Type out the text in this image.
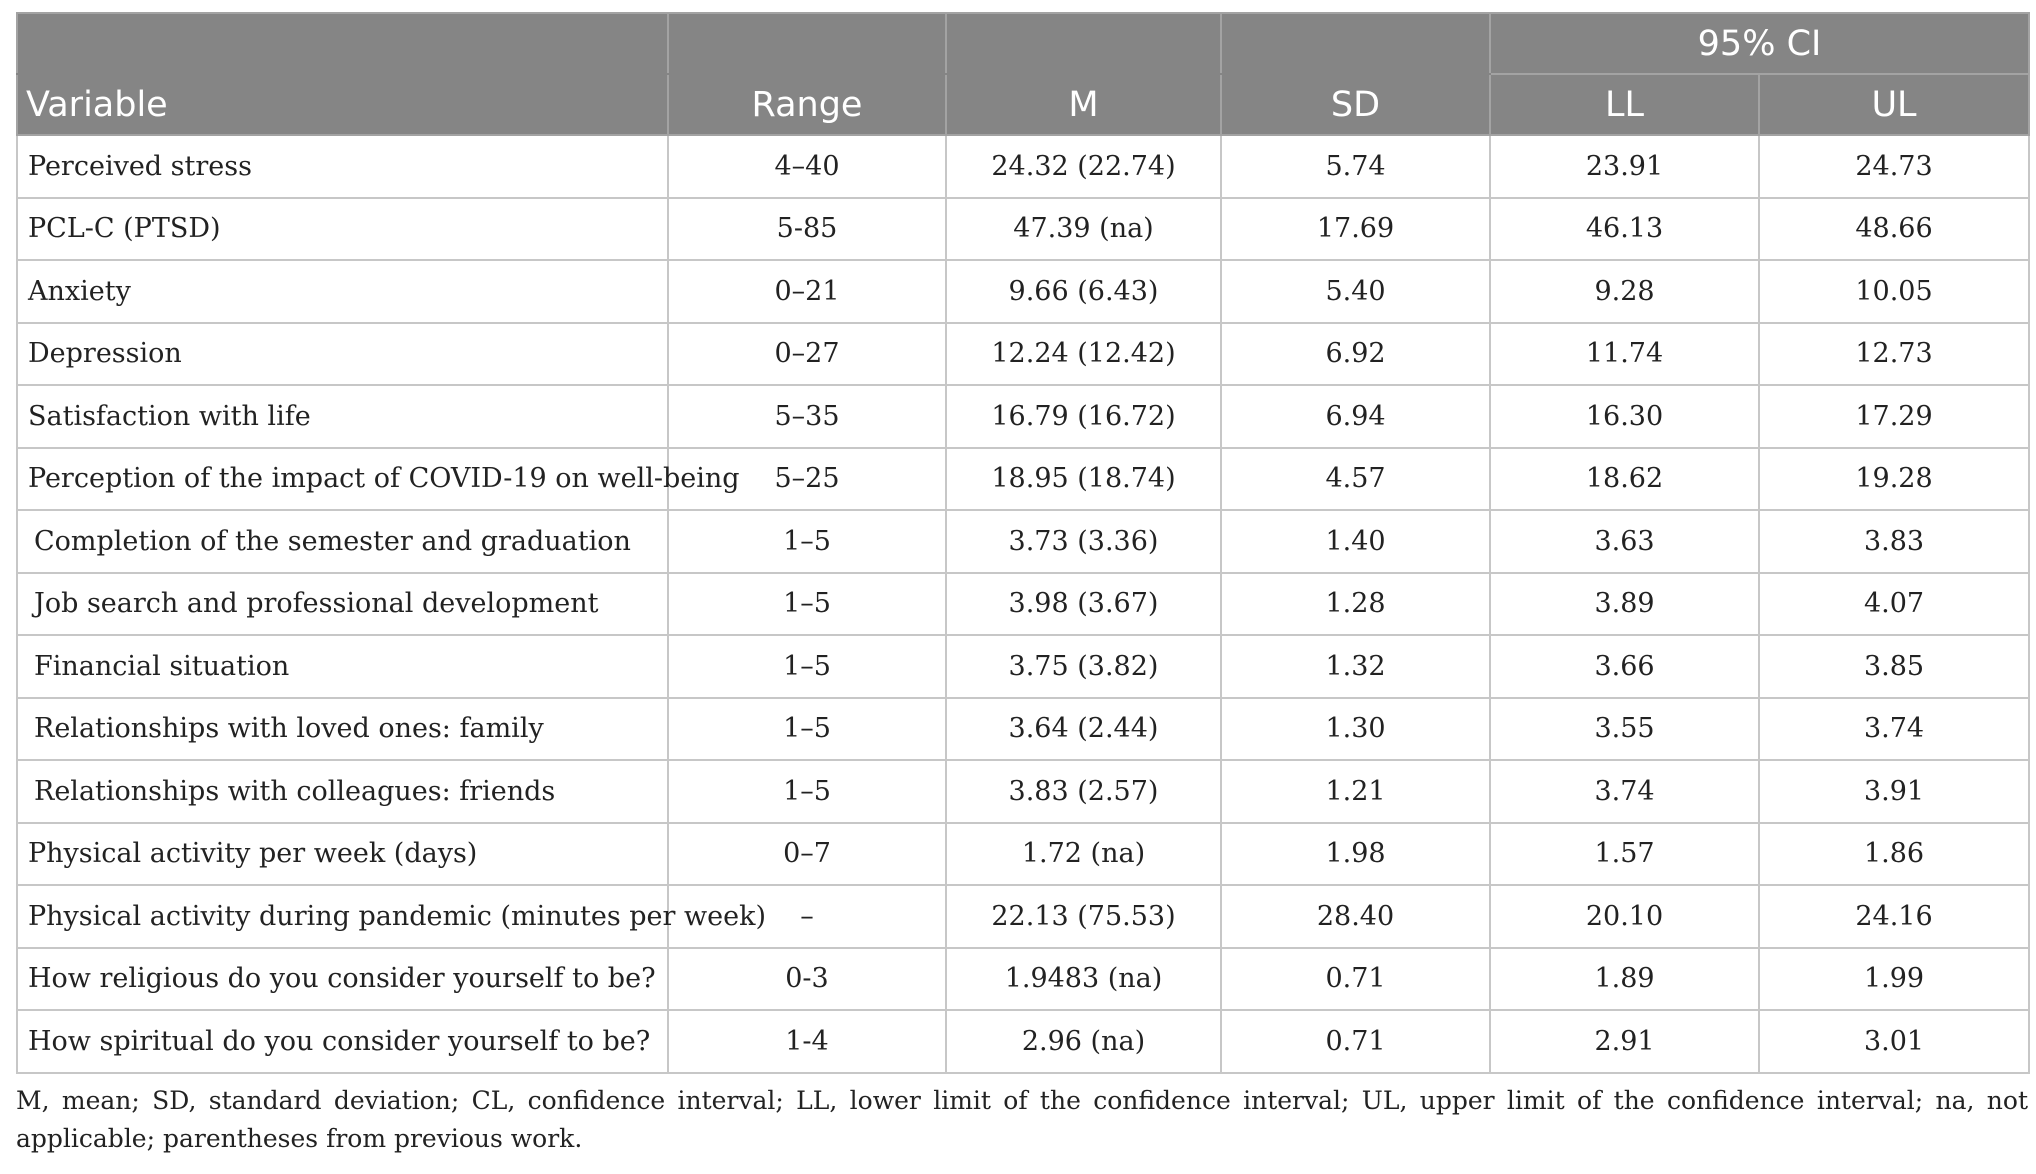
				95% CI	
Variable	Range	M	SD	LL	UL
Perceived stress	4–40	24.32 (22.74)	5.74	23.91	24.73
PCL-C (PTSD)	5-85	47.39 (na)	17.69	46.13	48.66
Anxiety	0–21	9.66 (6.43)	5.40	9.28	10.05
Depression	0–27	12.24 (12.42)	6.92	11.74	12.73
Satisfaction with life	5–35	16.79 (16.72)	6.94	16.30	17.29
Perception of the impact of COVID-19 on well-being	5–25	18.95 (18.74)	4.57	18.62	19.28
Completion of the semester and graduation	1–5	3.73 (3.36)	1.40	3.63	3.83
Job search and professional development	1–5	3.98 (3.67)	1.28	3.89	4.07
Financial situation	1–5	3.75 (3.82)	1.32	3.66	3.85
Relationships with loved ones: family	1–5	3.64 (2.44)	1.30	3.55	3.74
Relationships with colleagues: friends	1–5	3.83 (2.57)	1.21	3.74	3.91
Physical activity per week (days)	0–7	1.72 (na)	1.98	1.57	1.86
Physical activity during pandemic (minutes per week)	–	22.13 (75.53)	28.40	20.10	24.16
How religious do you consider yourself to be?	0-3	1.9483 (na)	0.71	1.89	1.99
How spiritual do you consider yourself to be?	1-4	2.96 (na)	0.71	2.91	3.01
M, mean; SD, standard deviation; CL, confidence interval; LL, lower limit of the confidence interval; UL, upper limit of the confidence interval; na, not applicable; parentheses from previous work.
